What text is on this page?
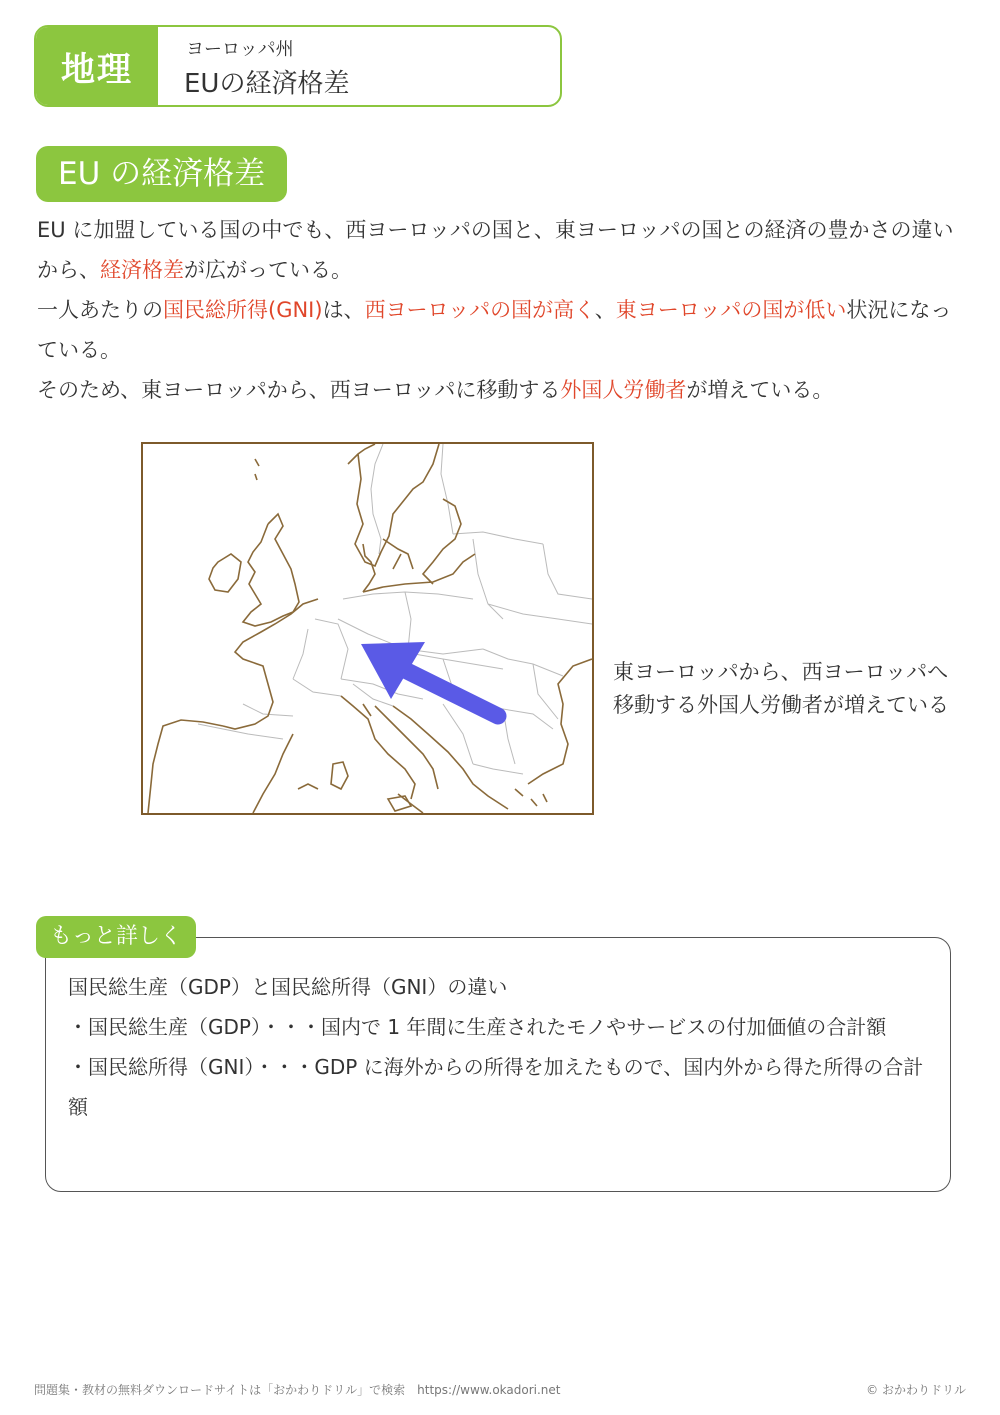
地理	ヨーロッパ州
EUの経済格差
EU の経済格差

EU に加盟している国の中でも、西ヨーロッパの国と、東ヨーロッパの国との経済の豊かさの違いから、経済格差が広がっている。

一人あたりの国民総所得(GNI)は、西ヨーロッパの国が高く、東ヨーロッパの国が低い状況になっている。

そのため、東ヨーロッパから、西ヨーロッパに移動する外国人労働者が増えている。

東ヨーロッパから、西ヨーロッパへ移動する外国人労働者が増えている
もっと詳しく

国民総生産（GDP）と国民総所得（GNI）の違い

・国民総生産（GDP）・・・国内で 1 年間に生産されたモノやサービスの付加価値の合計額

・国民総所得（GNI）・・・GDP に海外からの所得を加えたもので、国内外から得た所得の合計額

問題集・教材の無料ダウンロードサイトは「おかわりドリル」で検索　https://www.okadori.net	© おかわりドリル
